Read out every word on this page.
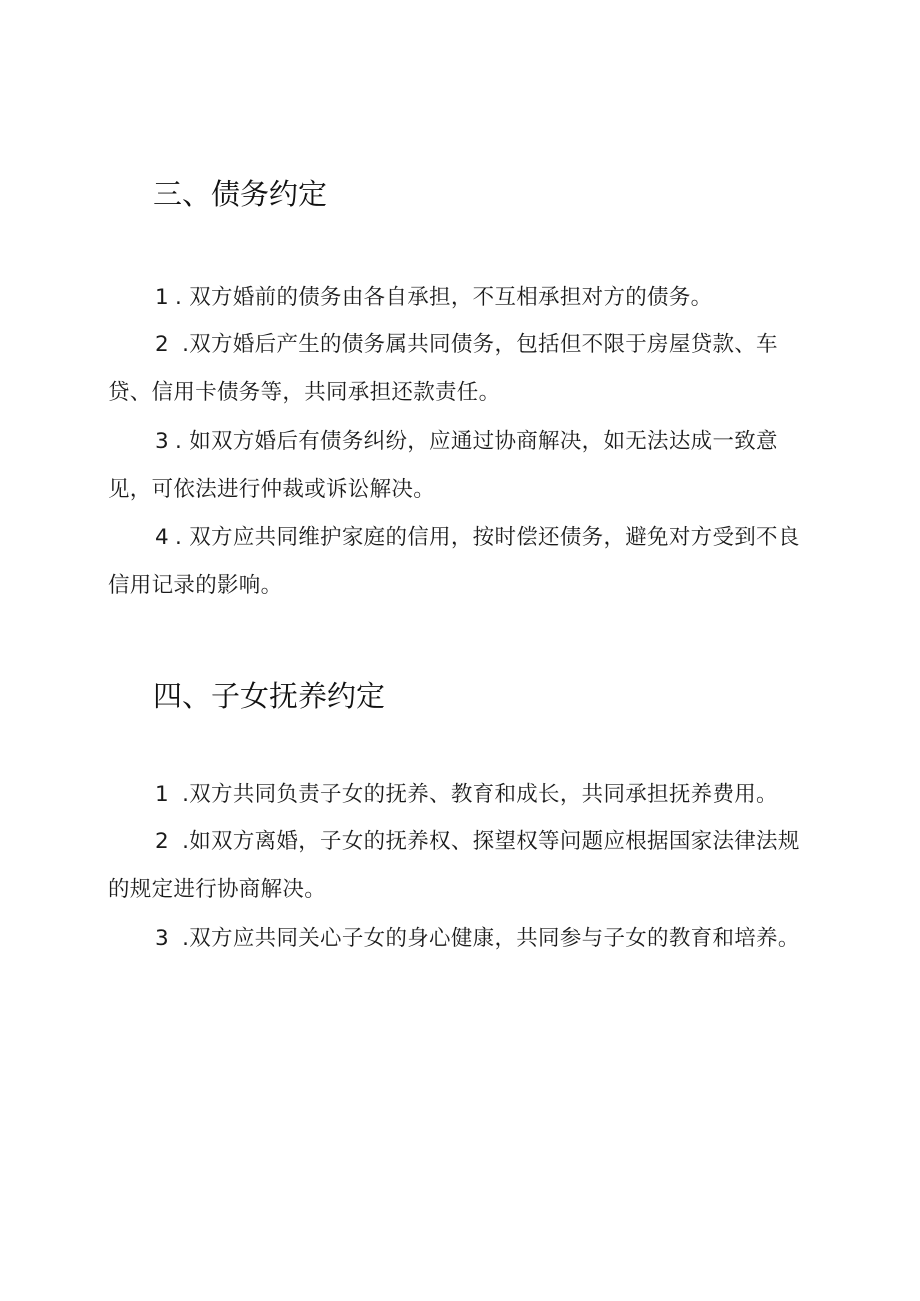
三、债务约定
1 . 双方婚前的债务由各自承担，不互相承担对方的债务。
2 .双方婚后产生的债务属共同债务，包括但不限于房屋贷款、车贷、信用卡债务等，共同承担还款责任。
3 . 如双方婚后有债务纠纷，应通过协商解决，如无法达成一致意见，可依法进行仲裁或诉讼解决。
4 . 双方应共同维护家庭的信用，按时偿还债务，避免对方受到不良信用记录的影响。
四、子女抚养约定
1 .双方共同负责子女的抚养、教育和成长，共同承担抚养费用。
2 .如双方离婚，子女的抚养权、探望权等问题应根据国家法律法规的规定进行协商解决。
3 .双方应共同关心子女的身心健康，共同参与子女的教育和培养。
